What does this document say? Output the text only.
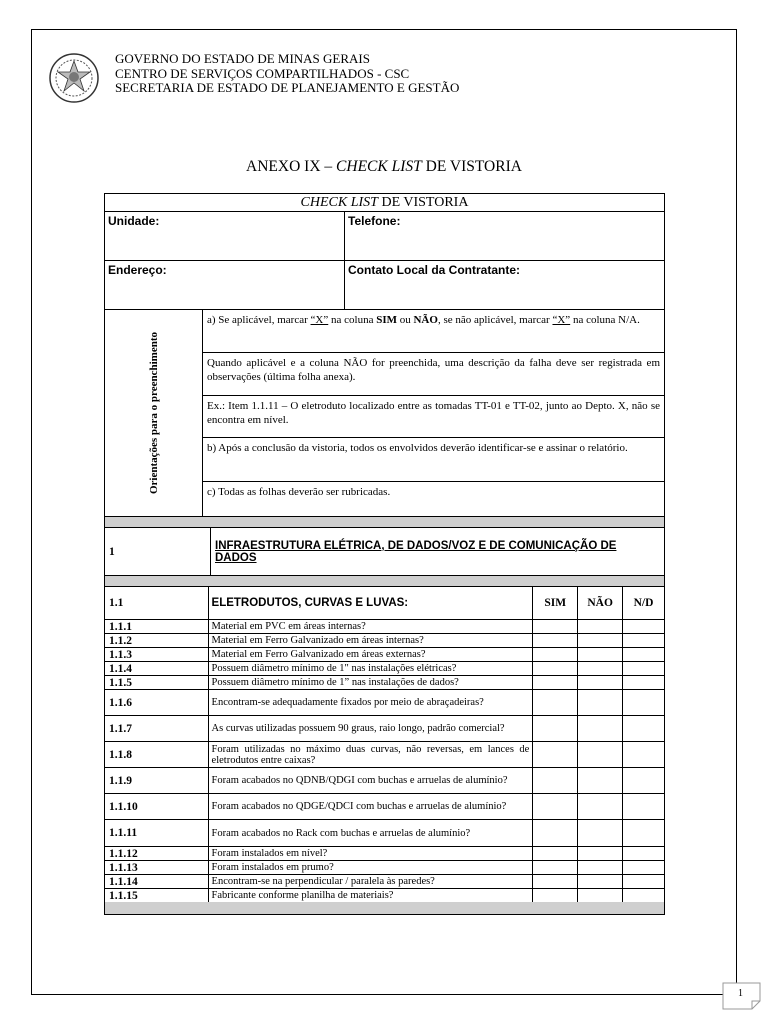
GOVERNO DO ESTADO DE MINAS GERAIS
CENTRO DE SERVIÇOS COMPARTILHADOS - CSC
SECRETARIA DE ESTADO DE PLANEJAMENTO E GESTÃO
ANEXO IX – CHECK LIST DE VISTORIA
CHECK LIST DE VISTORIA
Unidade:	Telefone:
Endereço:	Contato Local da Contratante:
Orientações para o preenchimento
a) Se aplicável, marcar “X” na coluna SIM ou NÃO, se não aplicável, marcar “X” na coluna N/A.
Quando aplicável e a coluna NÃO for preenchida, uma descrição da falha deve ser registrada em observações (última folha anexa).
Ex.: Item 1.1.11 – O eletroduto localizado entre as tomadas TT-01 e TT-02, junto ao Depto. X, não se encontra em nível.
b) Após a conclusão da vistoria, todos os envolvidos deverão identificar-se e assinar o relatório.
c) Todas as folhas deverão ser rubricadas.
1	INFRAESTRUTURA ELÉTRICA, DE DADOS/VOZ E DE COMUNICAÇÃO DE DADOS
1.1	ELETRODUTOS, CURVAS E LUVAS:	SIM	NÃO	N/D
1.1.1	Material em PVC em áreas internas?
1.1.2	Material em Ferro Galvanizado em áreas internas?
1.1.3	Material em Ferro Galvanizado em áreas externas?
1.1.4	Possuem diâmetro mínimo de 1" nas instalações elétricas?
1.1.5	Possuem diâmetro mínimo de 1” nas instalações de dados?
1.1.6	Encontram-se adequadamente fixados por meio de abraçadeiras?
1.1.7	As curvas utilizadas possuem 90 graus, raio longo, padrão comercial?
1.1.8	Foram utilizadas no máximo duas curvas, não reversas, em lances de eletrodutos entre caixas?
1.1.9	Foram acabados no QDNB/QDGI com buchas e arruelas de alumínio?
1.1.10	Foram acabados no QDGE/QDCI com buchas e arruelas de alumínio?
1.1.11	Foram acabados no Rack com buchas e arruelas de alumínio?
1.1.12	Foram instalados em nível?
1.1.13	Foram instalados em prumo?
1.1.14	Encontram-se na perpendicular / paralela às paredes?
1.1.15	Fabricante conforme planilha de materiais?
1
